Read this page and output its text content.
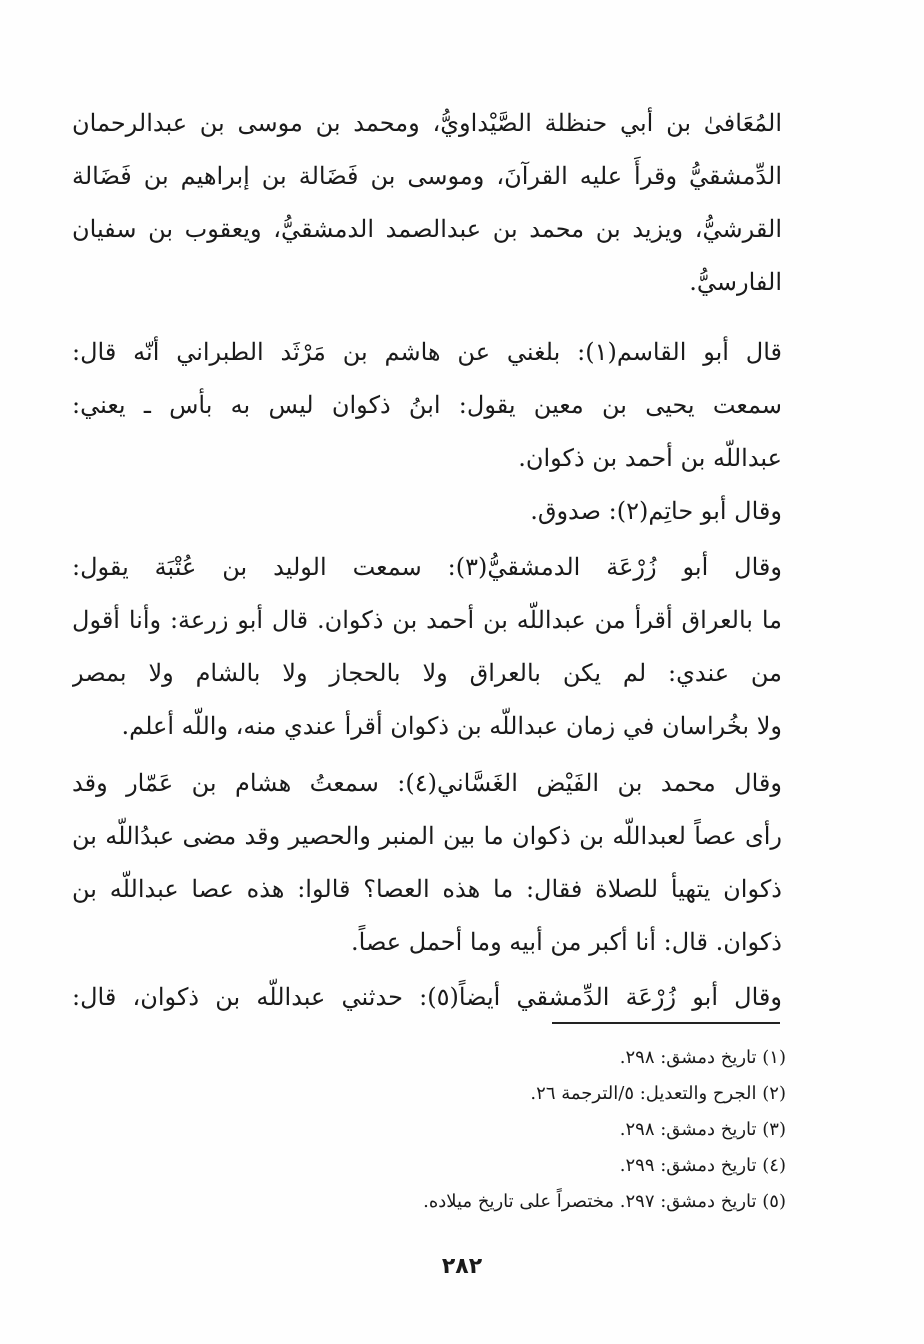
المُعَافىٰ بن أبي حنظلة الصَّيْداويُّ، ومحمد بن موسى بن عبدالرحمان
الدِّمشقيُّ وقرأَ عليه القرآنَ، وموسى بن فَضَالة بن إبراهيم بن فَضَالة
القرشيُّ، ويزيد بن محمد بن عبدالصمد الدمشقيُّ، ويعقوب بن سفيان
الفارسيُّ.
قال أبو القاسم(١): بلغني عن هاشم بن مَرْثَد الطبراني أنّه قال:
سمعت يحيى بن معين يقول: ابنُ ذكوان ليس به بأس ـ يعني:
عبداللّه بن أحمد بن ذكوان.
وقال أبو حاتِم(٢): صدوق.
وقال أبو زُرْعَة الدمشقيُّ(٣): سمعت الوليد بن عُتْبَة يقول:
ما بالعراق أقرأ من عبداللّه بن أحمد بن ذكوان. قال أبو زرعة: وأنا أقول
من عندي: لم يكن بالعراق ولا بالحجاز ولا بالشام ولا بمصر
ولا بخُراسان في زمان عبداللّه بن ذكوان أقرأ عندي منه، واللّه أعلم.
وقال محمد بن الفَيْض الغَسَّاني(٤): سمعتُ هشام بن عَمّار وقد
رأى عصاً لعبداللّه بن ذكوان ما بين المنبر والحصير وقد مضى عبدُاللّه بن
ذكوان يتهيأ للصلاة فقال: ما هذه العصا؟ قالوا: هذه عصا عبداللّه بن
ذكوان. قال: أنا أكبر من أبيه وما أحمل عصاً.
وقال أبو زُرْعَة الدِّمشقي أيضاً(٥): حدثني عبداللّه بن ذكوان، قال:
(١) تاريخ دمشق: ٢٩٨.
(٢) الجرح والتعديل: ٥/الترجمة ٢٦.
(٣) تاريخ دمشق: ٢٩٨.
(٤) تاريخ دمشق: ٢٩٩.
(٥) تاريخ دمشق: ٢٩٧. مختصراً على تاريخ ميلاده.
٢٨٢
